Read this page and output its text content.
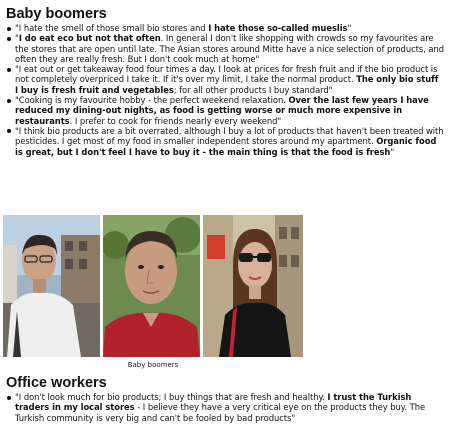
Baby boomers
"I hate the smell of those small bio stores and I hate those so-called mueslis"
"I do eat eco but not that often. In general I don't like shopping with crowds so my favourites are the stores that are open until late. The Asian stores around Mitte have a nice selection of products, and often they are really fresh. But I don't cook much at home"
"I eat out or get takeaway food four times a day. I look at prices for fresh fruit and if the bio product is not completely overpriced I take it. If it's over my limit, I take the normal product. The only bio stuff I buy is fresh fruit and vegetables; for all other products I buy standard"
"Cooking is my favourite hobby - the perfect weekend relaxation. Over the last few years I have reduced my dining-out nights, as food is getting worse or much more expensive in restaurants. I prefer to cook for friends nearly every weekend"
"I think bio products are a bit overrated, although I buy a lot of products that haven't been treated with pesticides. I get most of my food in smaller independent stores around my apartment. Organic food is great, but I don't feel I have to buy it - the main thing is that the food is fresh"
Baby boomers
Office workers
"I don't look much for bio products; I buy things that are fresh and healthy. I trust the Turkish traders in my local stores - I believe they have a very critical eye on the products they buy. The Turkish community is very big and can't be fooled by bad products"
